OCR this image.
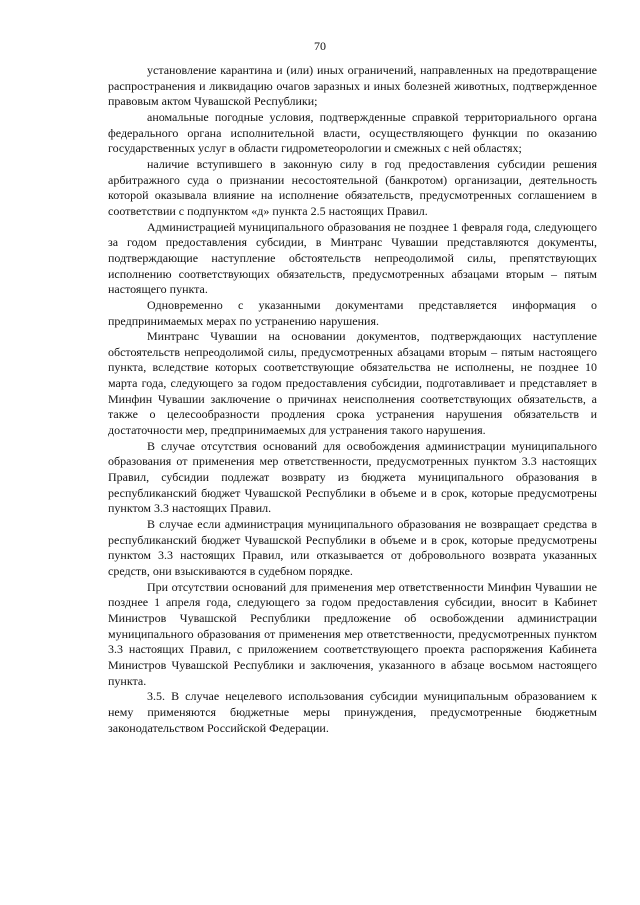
70

установление карантина и (или) иных ограничений, направленных на предотвращение распространения и ликвидацию очагов заразных и иных болезней животных, подтвержденное правовым актом Чувашской Республики;

аномальные погодные условия, подтвержденные справкой территориального органа федерального органа исполнительной власти, осуществляющего функции по оказанию государственных услуг в области гидрометеорологии и смежных с ней областях;

наличие вступившего в законную силу в год предоставления субсидии решения арбитражного суда о признании несостоятельной (банкротом) организации, деятельность которой оказывала влияние на исполнение обязательств, предусмотренных соглашением в соответствии с подпунктом «д» пункта 2.5 настоящих Правил.

Администрацией муниципального образования не позднее 1 февраля года, следующего за годом предоставления субсидии, в Минтранс Чувашии представляются документы, подтверждающие наступление обстоятельств непреодолимой силы, препятствующих исполнению соответствующих обязательств, предусмотренных абзацами вторым – пятым настоящего пункта.

Одновременно с указанными документами представляется информация о предпринимаемых мерах по устранению нарушения.

Минтранс Чувашии на основании документов, подтверждающих наступление обстоятельств непреодолимой силы, предусмотренных абзацами вторым – пятым настоящего пункта, вследствие которых соответствующие обязательства не исполнены, не позднее 10 марта года, следующего за годом предоставления субсидии, подготавливает и представляет в Минфин Чувашии заключение о причинах неисполнения соответствующих обязательств, а также о целесообразности продления срока устранения нарушения обязательств и достаточности мер, предпринимаемых для устранения такого нарушения.

В случае отсутствия оснований для освобождения администрации муниципального образования от применения мер ответственности, предусмотренных пунктом 3.3 настоящих Правил, субсидии подлежат возврату из бюджета муниципального образования в республиканский бюджет Чувашской Республики в объеме и в срок, которые предусмотрены пунктом 3.3 настоящих Правил.

В случае если администрация муниципального образования не возвращает средства в республиканский бюджет Чувашской Республики в объеме и в срок, которые предусмотрены пунктом 3.3 настоящих Правил, или отказывается от добровольного возврата указанных средств, они взыскиваются в судебном порядке.

При отсутствии оснований для применения мер ответственности Минфин Чувашии не позднее 1 апреля года, следующего за годом предоставления субсидии, вносит в Кабинет Министров Чувашской Республики предложение об освобождении администрации муниципального образования от применения мер ответственности, предусмотренных пунктом 3.3 настоящих Правил, с приложением соответствующего проекта распоряжения Кабинета Министров Чувашской Республики и заключения, указанного в абзаце восьмом настоящего пункта.

3.5. В случае нецелевого использования субсидии муниципальным образованием к нему применяются бюджетные меры принуждения, предусмотренные бюджетным законодательством Российской Федерации.
